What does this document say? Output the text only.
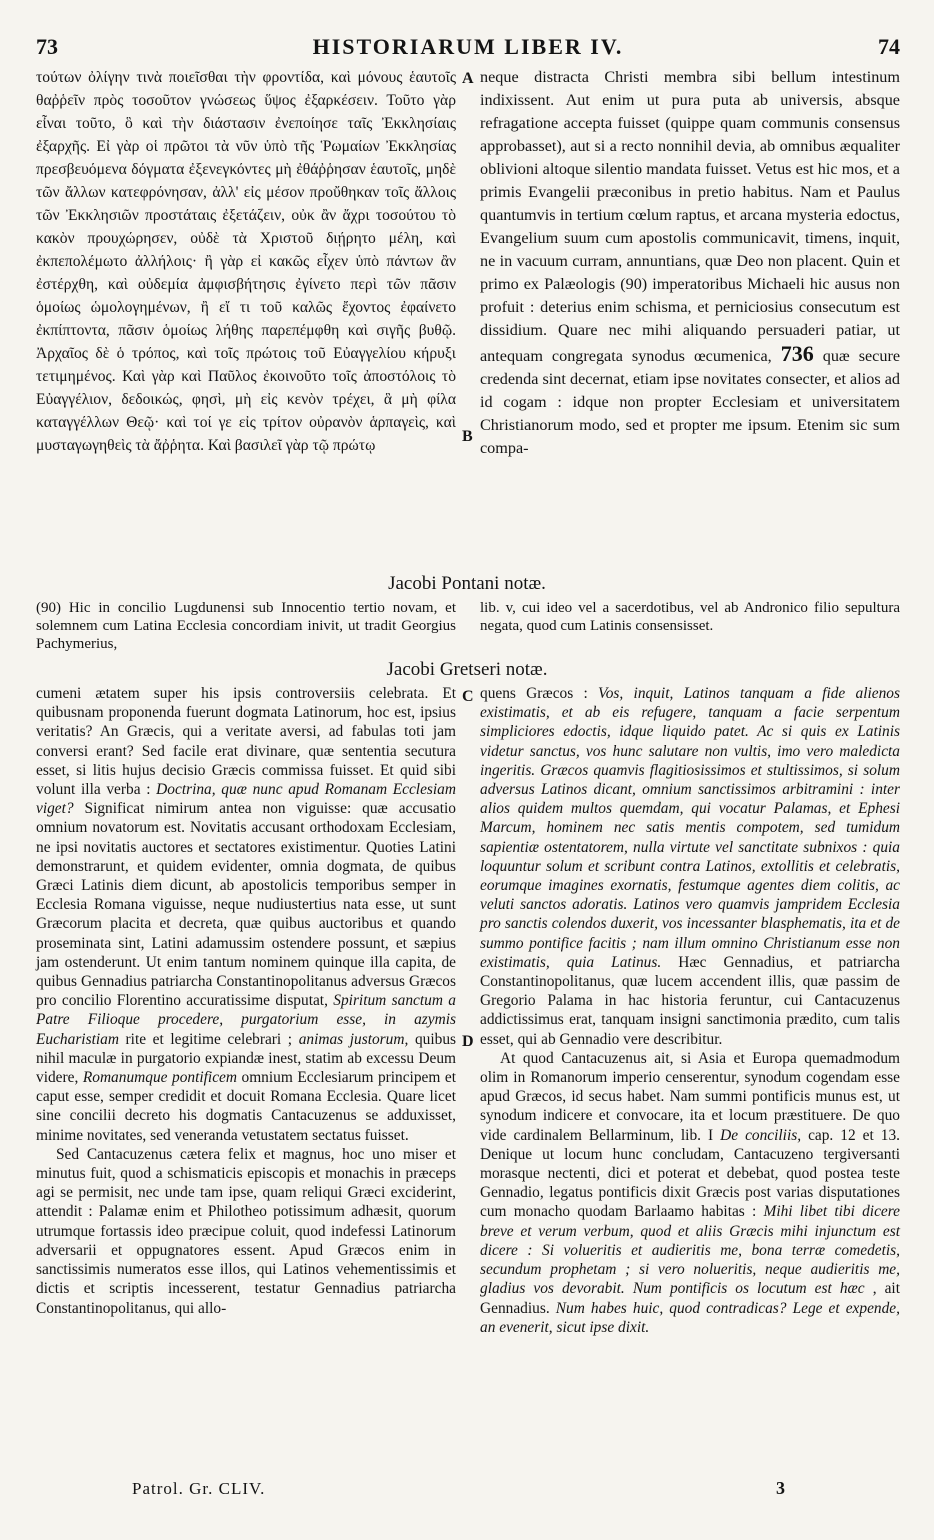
73	HISTORIARUM LIBER IV.	74

τούτων ὀλίγην τινὰ ποιεῖσθαι τὴν φροντίδα, καὶ μόνους ἑαυτοῖς θαῤῥεῖν πρὸς τοσοῦτον γνώσεως ὕψος ἐξαρκέσειν. Τοῦτο γὰρ εἶναι τοῦτο, ὃ καὶ τὴν διάστασιν ἐνεποίησε ταῖς Ἐκκλησίαις ἐξαρχῆς. Εἰ γὰρ οἱ πρῶτοι τὰ νῦν ὑπὸ τῆς Ῥωμαίων Ἐκκλησίας πρεσβευόμενα δόγματα ἐξενεγκόντες μὴ ἐθάῤῥησαν ἑαυτοῖς, μηδὲ τῶν ἄλλων κατεφρόνησαν, ἀλλ' εἰς μέσον προὔθηκαν τοῖς ἄλλοις τῶν Ἐκκλησιῶν προστάταις ἐξετάζειν, οὐκ ἂν ἄχρι τοσούτου τὸ κακὸν προυχώρησεν, οὐδὲ τὰ Χριστοῦ διῄρητο μέλη, καὶ ἐκπεπολέμωτο ἀλλήλοις· ἢ γὰρ εἰ κακῶς εἶχεν ὑπὸ πάντων ἂν ἐστέρχθη, καὶ οὐδεμία ἀμφισβήτησις ἐγίνετο περὶ τῶν πᾶσιν ὁμοίως ὡμολογημένων, ἢ εἴ τι τοῦ καλῶς ἔχοντος ἐφαίνετο ἐκπίπτοντα, πᾶσιν ὁμοίως λήθης παρεπέμφθη καὶ σιγῆς βυθῷ. Ἀρχαῖος δὲ ὁ τρόπος, καὶ τοῖς πρώτοις τοῦ Εὐαγγελίου κήρυξι τετιμημένος. Καὶ γὰρ καὶ Παῦλος ἐκοινοῦτο τοῖς ἀποστόλοις τὸ Εὐαγγέλιον, δεδοικώς, φησὶ, μὴ εἰς κενὸν τρέχει, ἃ μὴ φίλα καταγγέλλων Θεῷ· καὶ τοί γε εἰς τρίτον οὐρανὸν ἁρπαγεὶς, καὶ μυσταγωγηθεὶς τὰ ἄῤῥητα. Καὶ βασιλεῖ γὰρ τῷ πρώτῳ

neque distracta Christi membra sibi bellum intestinum indixissent. Aut enim ut pura puta ab universis, absque refragatione accepta fuisset (quippe quam communis consensus approbasset), aut si a recto nonnihil devia, ab omnibus æqualiter oblivioni altoque silentio mandata fuisset. Vetus est hic mos, et a primis Evangelii præconibus in pretio habitus. Nam et Paulus quantumvis in tertium cœlum raptus, et arcana mysteria edoctus, Evangelium suum cum apostolis communicavit, timens, inquit, ne in vacuum curram, annuntians, quæ Deo non placent. Quin et primo ex Palæologis (90) imperatoribus Michaeli hic ausus non profuit : deterius enim schisma, et perniciosius consecutum est dissidium. Quare nec mihi aliquando persuaderi patiar, ut antequam congregata synodus œcumenica, 736 quæ secure credenda sint decernat, etiam ipse novitates consecter, et alios ad id cogam : idque non propter Ecclesiam et universitatem Christianorum modo, sed et propter me ipsum. Etenim sic sum compa-

A
B
Jacobi Pontani notæ.

(90) Hic in concilio Lugdunensi sub Innocentio tertio novam, et solemnem cum Latina Ecclesia concordiam inivit, ut tradit Georgius Pachymerius,

lib. v, cui ideo vel a sacerdotibus, vel ab Andronico filio sepultura negata, quod cum Latinis consensisset.

Jacobi Gretseri notæ.
C
D

cumeni ætatem super his ipsis controversiis celebrata. Et quibusnam proponenda fuerunt dogmata Latinorum, hoc est, ipsius veritatis? An Græcis, qui a veritate aversi, ad fabulas toti jam conversi erant? Sed facile erat divinare, quæ sententia secutura esset, si litis hujus decisio Græcis commissa fuisset. Et quid sibi volunt illa verba : Doctrina, quæ nunc apud Romanam Ecclesiam viget? Significat nimirum antea non viguisse: quæ accusatio omnium novatorum est. Novitatis accusant orthodoxam Ecclesiam, ne ipsi novitatis auctores et sectatores existimentur. Quoties Latini demonstrarunt, et quidem evidenter, omnia dogmata, de quibus Græci Latinis diem dicunt, ab apostolicis temporibus semper in Ecclesia Romana viguisse, neque nudiustertius nata esse, ut sunt Græcorum placita et decreta, quæ quibus auctoribus et quando proseminata sint, Latini adamussim ostendere possunt, et sæpius jam ostenderunt. Ut enim tantum nominem quinque illa capita, de quibus Gennadius patriarcha Constantinopolitanus adversus Græcos pro concilio Florentino accuratissime disputat, Spiritum sanctum a Patre Filioque procedere, purgatorium esse, in azymis Eucharistiam rite et legitime celebrari ; animas justorum, quibus nihil maculæ in purgatorio expiandæ inest, statim ab excessu Deum videre, Romanumque pontificem omnium Ecclesiarum principem et caput esse, semper credidit et docuit Romana Ecclesia. Quare licet sine concilii decreto his dogmatis Cantacuzenus se adduxisset, minime novitates, sed veneranda vetustatem sectatus fuisset.

Sed Cantacuzenus cætera felix et magnus, hoc uno miser et minutus fuit, quod a schismaticis episcopis et monachis in præceps agi se permisit, nec unde tam ipse, quam reliqui Græci exciderint, attendit : Palamæ enim et Philotheo potissimum adhæsit, quorum utrumque fortassis ideo præcipue coluit, quod indefessi Latinorum adversarii et oppugnatores essent. Apud Græcos enim in sanctissimis numeratos esse illos, qui Latinos vehementissimis et dictis et scriptis incesserent, testatur Gennadius patriarcha Constantinopolitanus, qui allo-

quens Græcos : Vos, inquit, Latinos tanquam a fide alienos existimatis, et ab eis refugere, tanquam a facie serpentum simpliciores edoctis, idque liquido patet. Ac si quis ex Latinis videtur sanctus, vos hunc salutare non vultis, imo vero maledicta ingeritis. Græcos quamvis flagitiosissimos et stultissimos, si solum adversus Latinos dicant, omnium sanctissimos arbitramini : inter alios quidem multos quemdam, qui vocatur Palamas, et Ephesi Marcum, hominem nec satis mentis compotem, sed tumidum sapientiæ ostentatorem, nulla virtute vel sanctitate subnixos : quia loquuntur solum et scribunt contra Latinos, extollitis et celebratis, eorumque imagines exornatis, festumque agentes diem colitis, ac veluti sanctos adoratis. Latinos vero quamvis jampridem Ecclesia pro sanctis colendos duxerit, vos incessanter blasphematis, ita et de summo pontifice facitis ; nam illum omnino Christianum esse non existimatis, quia Latinus. Hæc Gennadius, et patriarcha Constantinopolitanus, quæ lucem accendent illis, quæ passim de Gregorio Palama in hac historia feruntur, cui Cantacuzenus addictissimus erat, tanquam insigni sanctimonia prædito, cum talis esset, qui ab Gennadio vere describitur.

At quod Cantacuzenus ait, si Asia et Europa quemadmodum olim in Romanorum imperio censerentur, synodum cogendam esse apud Græcos, id secus habet. Nam summi pontificis munus est, ut synodum indicere et convocare, ita et locum præstituere. De quo vide cardinalem Bellarminum, lib. I De conciliis, cap. 12 et 13. Denique ut locum hunc concludam, Cantacuzeno tergiversanti morasque nectenti, dici et poterat et debebat, quod postea teste Gennadio, legatus pontificis dixit Græcis post varias disputationes cum monacho quodam Barlaamo habitas : Mihi libet tibi dicere breve et verum verbum, quod et aliis Græcis mihi injunctum est dicere : Si volueritis et audieritis me, bona terræ comedetis, secundum prophetam ; si vero nolueritis, neque audieritis me, gladius vos devorabit. Num pontificis os locutum est hæc , ait Gennadius. Num habes huic, quod contradicas? Lege et expende, an evenerit, sicut ipse dixit.

Patrol. Gr. CLIV.	3
